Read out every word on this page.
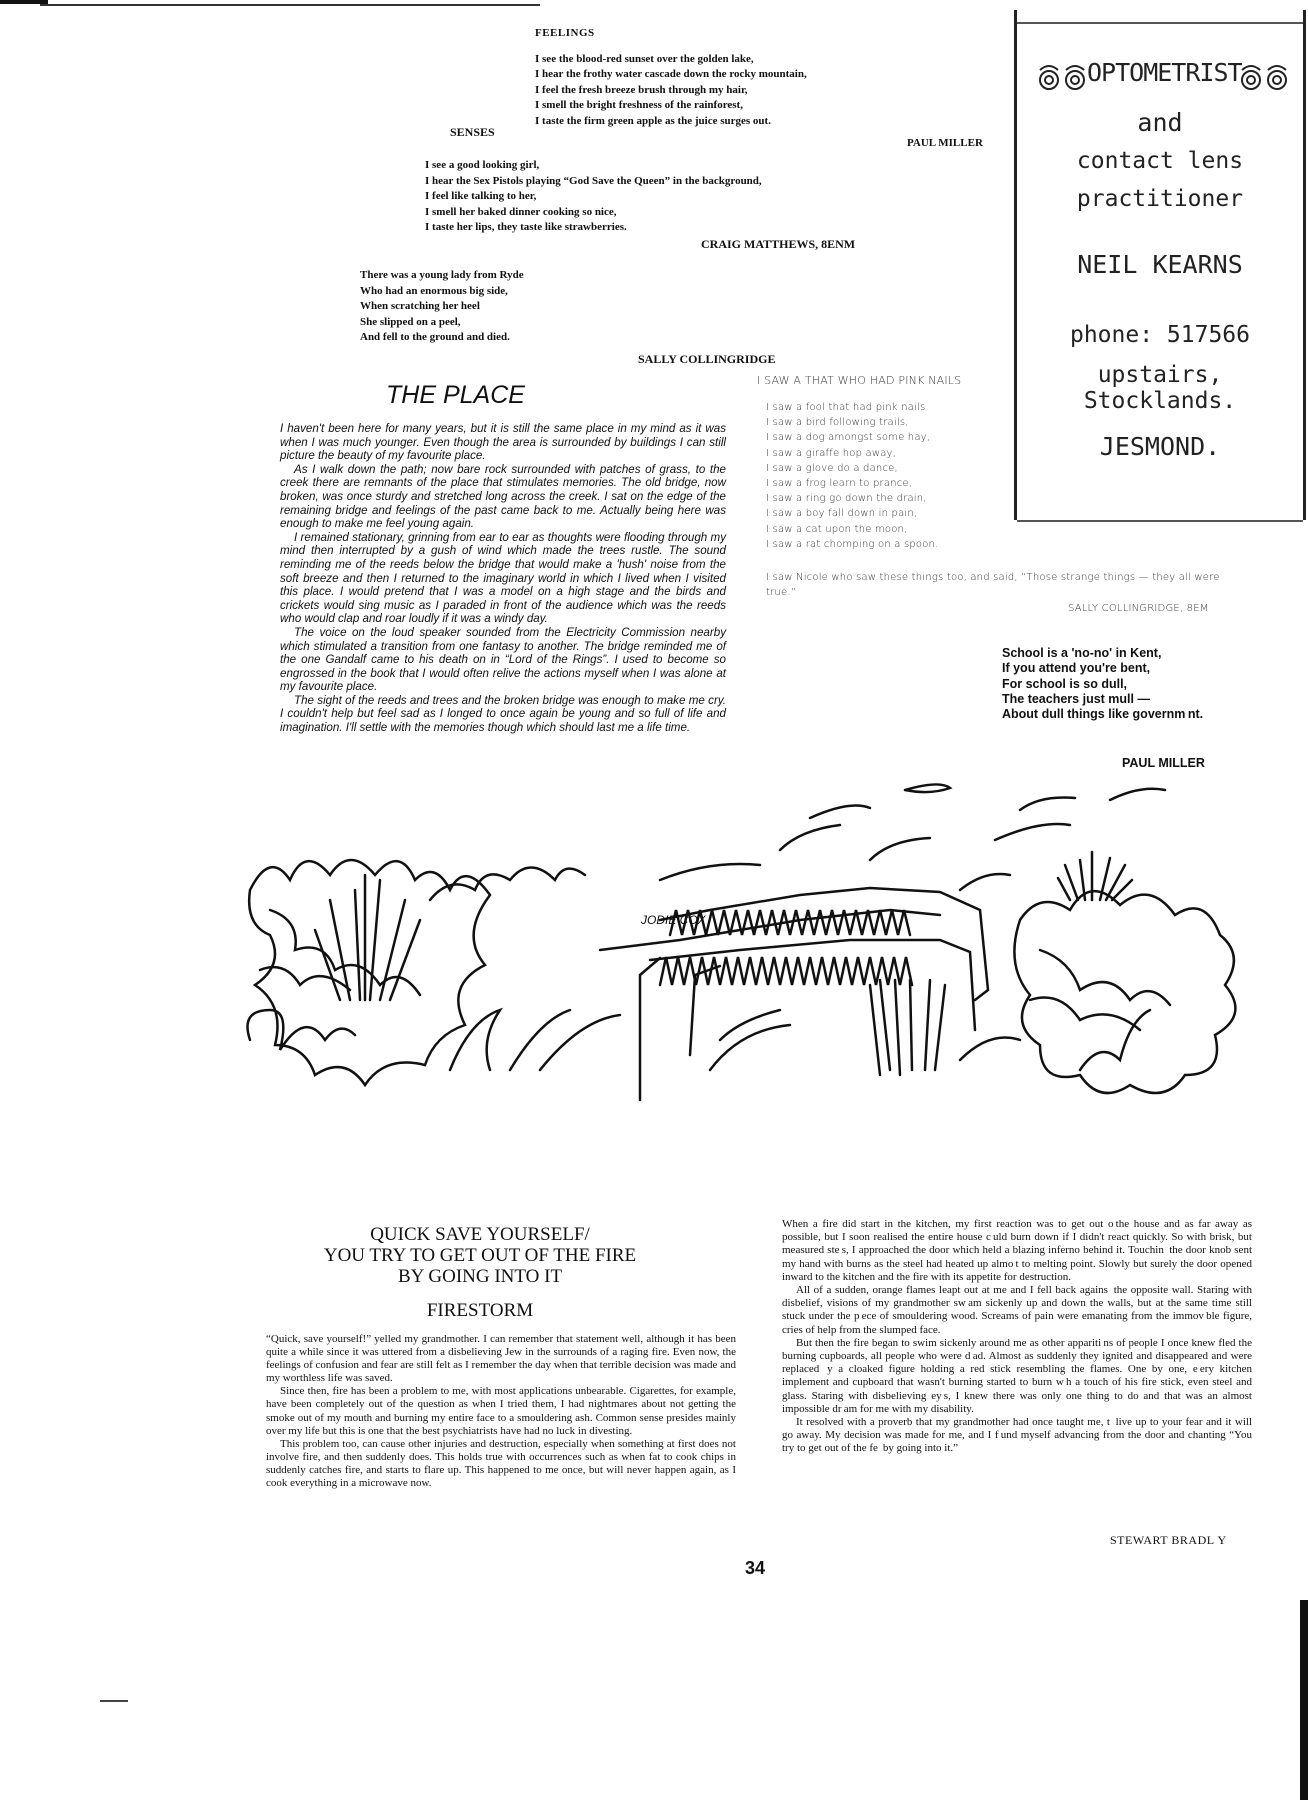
FEELINGS
I see the blood-red sunset over the golden lake,
I hear the frothy water cascade down the rocky mountain,
I feel the fresh breeze brush through my hair,
I smell the bright freshness of the rainforest,
I taste the firm green apple as the juice surges out.
PAUL MILLER
SENSES
I see a good looking girl,
I hear the Sex Pistols playing “God Save the Queen” in the background,
I feel like talking to her,
I smell her baked dinner cooking so nice,
I taste her lips, they taste like strawberries.
CRAIG MATTHEWS, 8ENM
There was a young lady from Ryde
Who had an enormous big side,
When scratching her heel
She slipped on a peel,
And fell to the ground and died.
SALLY COLLINGRIDGE
OPTOMETRIST
and
contact lens
practitioner
NEIL KEARNS
phone: 517566
upstairs, Stocklands.
JESMOND.
I SAW A THAT WHO HAD PINK NAILS
I saw a fool that had pink nails
I saw a bird following trails,
I saw a dog amongst some hay,
I saw a giraffe hop away,
I saw a glove do a dance,
I saw a frog learn to prance,
I saw a ring go down the drain,
I saw a boy fall down in pain,
I saw a cat upon the moon,
I saw a rat chomping on a spoon.
I saw Nicole who saw these things too, and said, “Those strange things — they all were true.”
SALLY COLLINGRIDGE, 8EM
THE PLACE

I haven't been here for many years, but it is still the same place in my mind as it was when I was much younger. Even though the area is surrounded by buildings I can still picture the beauty of my favourite place.

As I walk down the path; now bare rock surrounded with patches of grass, to the creek there are remnants of the place that stimulates memories. The old bridge, now broken, was once sturdy and stretched long across the creek. I sat on the edge of the remaining bridge and feelings of the past came back to me. Actually being here was enough to make me feel young again.

I remained stationary, grinning from ear to ear as thoughts were flooding through my mind then interrupted by a gush of wind which made the trees rustle. The sound reminding me of the reeds below the bridge that would make a 'hush' noise from the soft breeze and then I returned to the imaginary world in which I lived when I visited this place. I would pretend that I was a model on a high stage and the birds and crickets would sing music as I paraded in front of the audience which was the reeds who would clap and roar loudly if it was a windy day.

The voice on the loud speaker sounded from the Electricity Commission nearby which stimulated a transition from one fantasy to another. The bridge reminded me of the one Gandalf came to his death on in “Lord of the Rings”. I used to become so engrossed in the book that I would often relive the actions myself when I was alone at my favourite place.

The sight of the reeds and trees and the broken bridge was enough to make me cry. I couldn't help but feel sad as I longed to once again be young and so full of life and imagination. I'll settle with the memories though which should last me a life time.

JODIE COX
School is a 'no-no' in Kent,
If you attend you're bent,
For school is so dull,
The teachers just mull —
About dull things like governm nt.
PAUL MILLER
QUICK SAVE YOURSELF/
YOU TRY TO GET OUT OF THE FIRE
BY GOING INTO IT
FIRESTORM

“Quick, save yourself!” yelled my grandmother. I can remember that statement well, although it has been quite a while since it was uttered from a disbelieving Jew in the surrounds of a raging fire. Even now, the feelings of confusion and fear are still felt as I remember the day when that terrible decision was made and my worthless life was saved.

Since then, fire has been a problem to me, with most applications unbearable. Cigarettes, for example, have been completely out of the question as when I tried them, I had nightmares about not getting the smoke out of my mouth and burning my entire face to a smouldering ash. Common sense presides mainly over my life but this is one that the best psychiatrists have had no luck in divesting.

This problem too, can cause other injuries and destruction, especially when something at first does not involve fire, and then suddenly does. This holds true with occurrences such as when fat to cook chips in suddenly catches fire, and starts to flare up. This happened to me once, but will never happen again, as I cook everything in a microwave now.

When a fire did start in the kitchen, my first reaction was to get out o the house and as far away as possible, but I soon realised the entire house c uld burn down if I didn't react quickly. So with brisk, but measured ste s, I approached the door which held a blazing inferno behind it. Touchin  the door knob sent my hand with burns as the steel had heated up almo t to melting point. Slowly but surely the door opened inward to the kitchen and the fire with its appetite for destruction.

All of a sudden, orange flames leapt out at me and I fell back agains  the opposite wall. Staring with disbelief, visions of my grandmother sw am sickenly up and down the walls, but at the same time still stuck under the p ece of smouldering wood. Screams of pain were emanating from the immov ble figure, cries of help from the slumped face.

But then the fire began to swim sickenly around me as other appariti ns of people I once knew fled the burning cupboards, all people who were d ad. Almost as suddenly they ignited and disappeared and were replaced  y a cloaked figure holding a red stick resembling the flames. One by one, e ery kitchen implement and cupboard that wasn't burning started to burn w h a touch of his fire stick, even steel and glass. Staring with disbelieving ey s, I knew there was only one thing to do and that was an almost impossible dr am for me with my disability.

It resolved with a proverb that my grandmother had once taught me, t  live up to your fear and it will go away. My decision was made for me, and I f und myself advancing from the door and chanting “You try to get out of the fe  by going into it.”

STEWART BRADL Y
34
